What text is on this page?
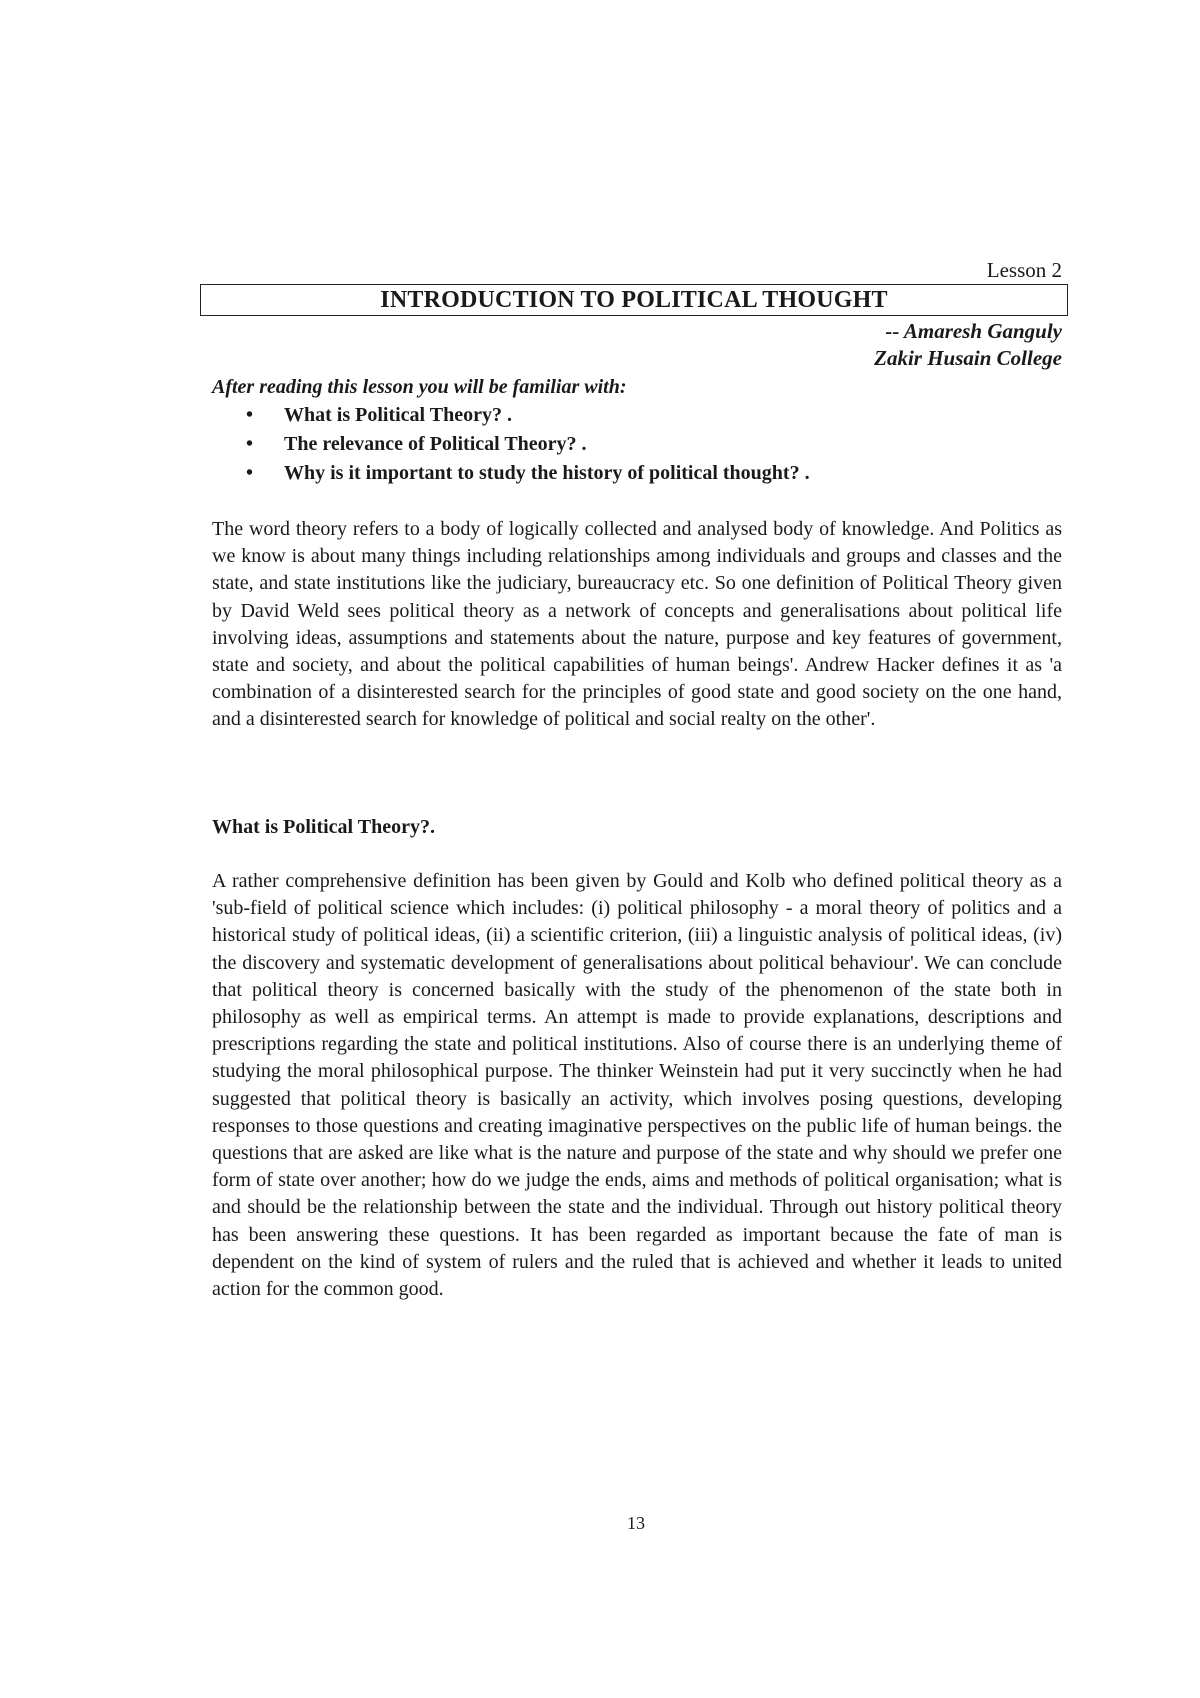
Lesson 2
INTRODUCTION TO POLITICAL THOUGHT
-- Amaresh Ganguly
Zakir Husain College
After reading this lesson you will be familiar with:
• What is Political Theory? .
• The relevance of Political Theory? .
• Why is it important to study the history of political thought? .

The word theory refers to a body of logically collected and analysed body of knowledge. And Politics as we know is about many things including relationships among individuals and groups and classes and the state, and state institutions like the judiciary, bureaucracy etc. So one definition of Political Theory given by David Weld sees political theory as a network of concepts and generalisations about political life involving ideas, assumptions and statements about the nature, purpose and key features of government, state and society, and about the political capabilities of human beings'. Andrew Hacker defines it as 'a combination of a disinterested search for the principles of good state and good society on the one hand, and a disinterested search for knowledge of political and social realty on the other'.

What is Political Theory?.

A rather comprehensive definition has been given by Gould and Kolb who defined political theory as a 'sub-field of political science which includes: (i) political philosophy - a moral theory of politics and a historical study of political ideas, (ii) a scientific criterion, (iii) a linguistic analysis of political ideas, (iv) the discovery and systematic development of generalisations about political behaviour'. We can conclude that political theory is concerned basically with the study of the phenomenon of the state both in philosophy as well as empirical terms. An attempt is made to provide explanations, descriptions and prescriptions regarding the state and political institutions. Also of course there is an underlying theme of studying the moral philosophical purpose. The thinker Weinstein had put it very succinctly when he had suggested that political theory is basically an activity, which involves posing questions, developing responses to those questions and creating imaginative perspectives on the public life of human beings. the questions that are asked are like what is the nature and purpose of the state and why should we prefer one form of state over another; how do we judge the ends, aims and methods of political organisation; what is and should be the relationship between the state and the individual. Through out history political theory has been answering these questions. It has been regarded as important because the fate of man is dependent on the kind of system of rulers and the ruled that is achieved and whether it leads to united action for the common good.

13
